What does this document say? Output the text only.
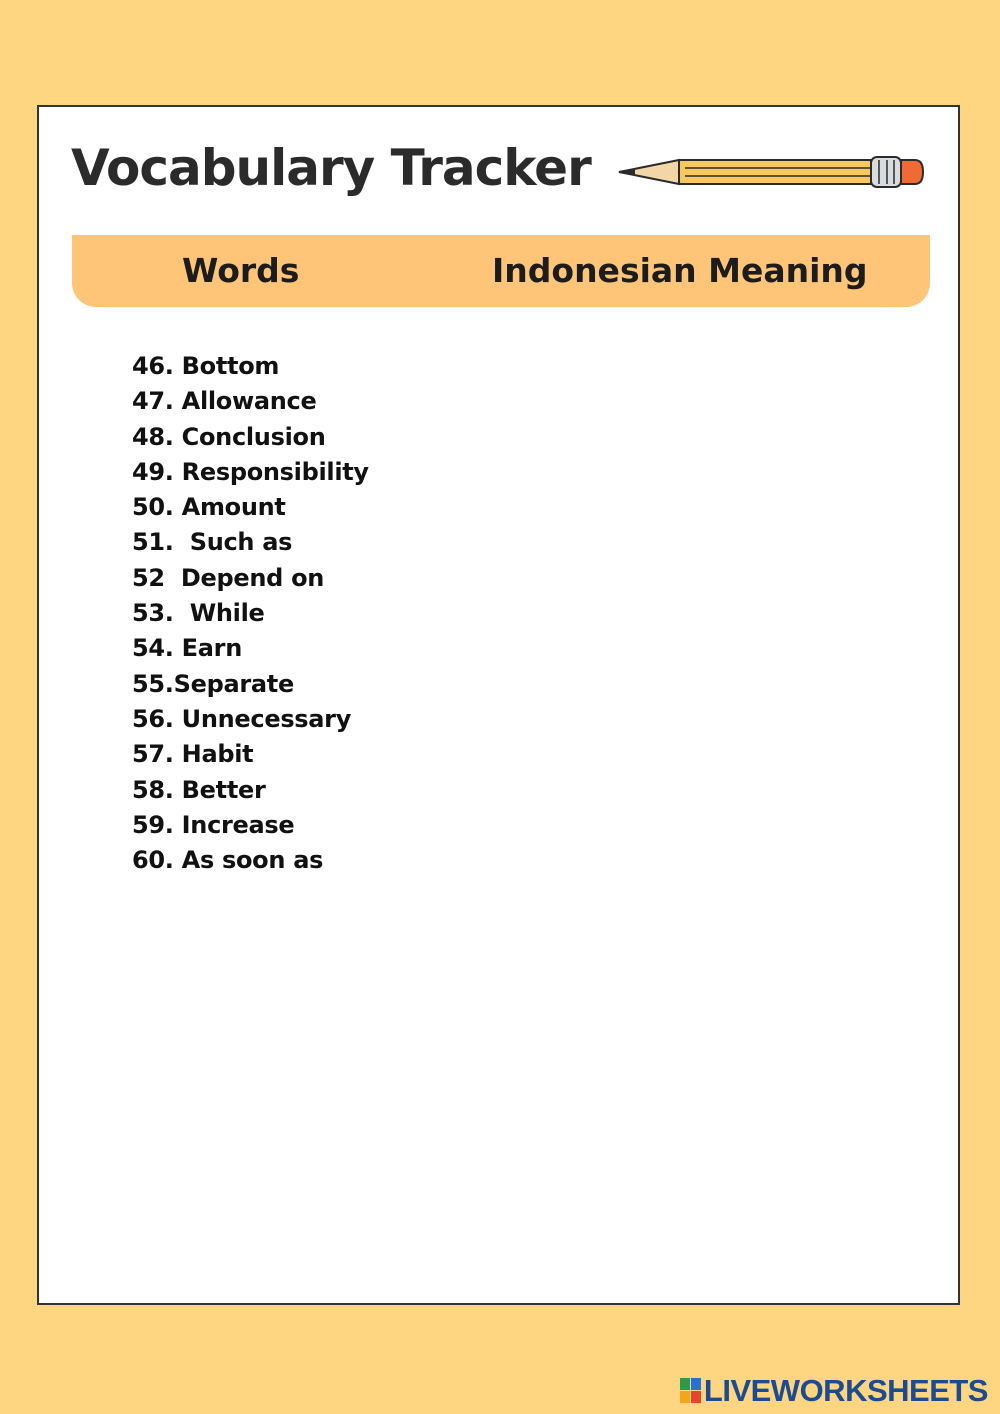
Vocabulary Tracker
Words	Indonesian Meaning
46. Bottom
47. Allowance
48. Conclusion
49. Responsibility
50. Amount
51.  Such as
52  Depend on
53.  While
54. Earn
55.Separate
56. Unnecessary
57. Habit
58. Better
59. Increase
60. As soon as
LIVEWORKSHEETS
